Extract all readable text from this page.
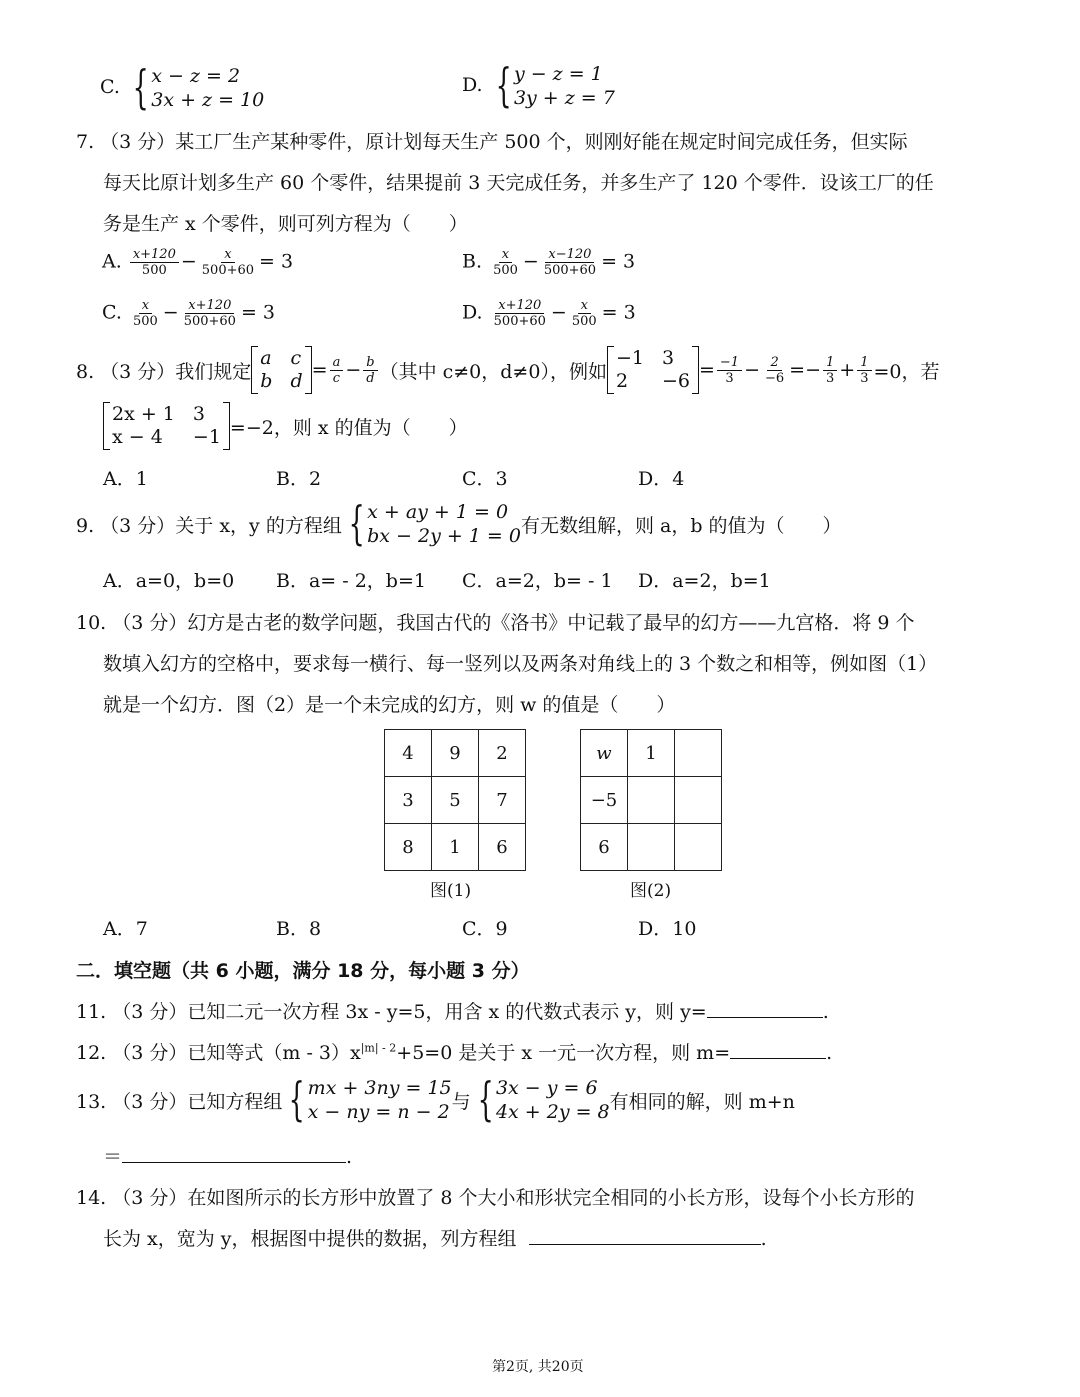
C. { x − z = 2
3x + z = 10
D. { y − z = 1
3y + z = 7
7. （3 分）某工厂生产某种零件，原计划每天生产 500 个，则刚好能在规定时间完成任务，但实际
每天比原计划多生产 60 个零件，结果提前 3 天完成任务，并多生产了 120 个零件．设该工厂的任
务是生产 x 个零件，则可列方程为（　　）
A. $\frac{x+120}{500} - \frac{x}{500+60} = 3$	B. $\frac{x}{500} - \frac{x-120}{500+60} = 3$
C. $\frac{x}{500} - \frac{x+120}{500+60} = 3$	D. $\frac{x+120}{500+60} - \frac{x}{500} = 3$
8. （3 分）我们规定
a c
b $d = \frac{a}{c} - \frac{b}{d}$ （其中 c≠0，d≠0），例如
−1 3
2	$-6 = \frac{-1}{3} - \frac{2}{-6} =- \frac{1}{3} + \frac{1}{3} =0$，若
2x + 1 3
x − 4	−1 =−2，则 x 的值为（　　）
A．1	B．2	C．3	D．4
9. （3 分）关于 x，y 的方程组 { x + ay + 1 = 0
bx − 2y + 1 = 0 有无数组解，则 a，b 的值为（　　）
A．a=0，b=0 B．a= - 2，b=1 C．a=2，b= - 1 D．a=2，b=1
10. （3 分）幻方是古老的数学问题，我国古代的《洛书》中记载了最早的幻方——九宫格．将 9 个
数填入幻方的空格中，要求每一横行、每一竖列以及两条对角线上的 3 个数之和相等，例如图（1）
就是一个幻方．图（2）是一个未完成的幻方，则 w 的值是（　　）
4	9	2
3	5	7
8	1	6
图(1)
w	1	
−5		
6		
图(2)
A．7	B．8	C．9	D．10
二．填空题（共 6 小题，满分 18 分，每小题 3 分）
11. （3 分）已知二元一次方程 3x - y=5，用含 x 的代数式表示 y，则 y=	.
12. （3 分）已知等式$(m - 3)x^{|m| - 2}+5=0$ 是关于 x 一元一次方程，则 m=	.
13. （3 分）已知方程组 { mx + 3ny = 15
x − ny = n − 2 与 { 3x − y = 6
4x + 2y = 8 有相同的解，则 m+n
＝	.
14. （3 分）在如图所示的长方形中放置了 8 个大小和形状完全相同的小长方形，设每个小长方形的
长为 x，宽为 y，根据图中提供的数据，列方程组	.
第2页, 共20页
